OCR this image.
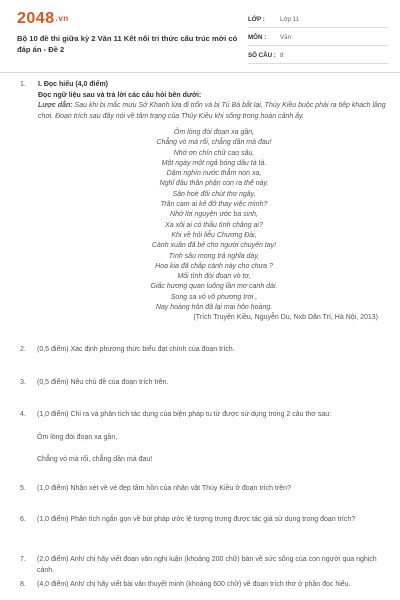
2048.vn
Bộ 10 đề thi giữa kỳ 2 Văn 11 Kết nối tri thức cấu trúc mới có đáp án - Đề 2
LỚP :	Lớp 11
MÔN :	Văn
SỐ CÂU : 8
1.	I. Đọc hiểu (4,0 điểm)
Đọc ngữ liệu sau và trả lời các câu hỏi bên dưới:
Lược dẫn: Sau khi bị mắc mưu Sở Khanh lừa đi trốn và bị Tú Bà bắt lại, Thúy Kiều buộc phải ra tiếp khách lầng chơi. Đoạn trích sau đây nói về tâm trạng của Thúy Kiều khi sống trong hoàn cảnh ấy.
Ôm lòng đòi đoạn xa gần,
Chẳng vò mà rối, chẳng dần mà đau!
Nhớ ơn chín chữ cao sâu,
Một ngày một ngả bóng dâu tà tà.
Dặm nghìn nước thẳm non xa,
Nghĩ đâu thân phận con ra thế này.
Sân hoè đôi chút thơ ngây,
Trân cam ai kẻ đỡ thay việc mình?
Nhớ lời nguyện ước ba sinh,
Xa xôi ai có thấu tình chăng ai?
Khi về hỏi liễu Chương Đài,
Cành xuân đã bẻ cho người chuyên tay!
Tình sâu mong trả nghĩa dày,
Hoa kia đã chắp cành này cho chưa ?
Mối tình đòi đoạn vò tơ,
Giấc hương quan luống lần mơ canh dài.
Song sa vò võ phương trời ,
Nay hoàng hôn đã lại mai hôn hoàng.
(Trích Truyện Kiều, Nguyễn Du, Nxb Dân Trí, Hà Nội, 2013)
2.	(0,5 điểm) Xác định phương thức biểu đạt chính của đoạn trích.
3.	(0,5 điểm) Nêu chủ đề của đoạn trích trên.
4.	(1,0 điểm) Chỉ ra và phân tích tác dụng của biện pháp tu từ được sử dụng trong 2 câu thơ sau:
Ôm lòng đòi đoạn xa gần,
Chẳng vò mà rối, chẳng dần mà đau!
5.	(1,0 điểm) Nhận xét về vẻ đẹp tâm hồn của nhân vật Thúy Kiều ở đoạn trích trên?
6.	(1,0 điểm) Phân tích ngắn gọn về bút pháp ước lệ tượng trưng được tác giả sử dụng trong đoạn trích?
7.	(2,0 điểm) Anh/ chị hãy viết đoạn văn nghị luận (khoảng 200 chữ) bàn về sức sống của con người qua nghịch cảnh.
8.	(4,0 điểm) Anh/ chị hãy viết bài văn thuyết minh (khoảng 600 chữ) về đoạn trích thơ ở phần đọc hiểu.
